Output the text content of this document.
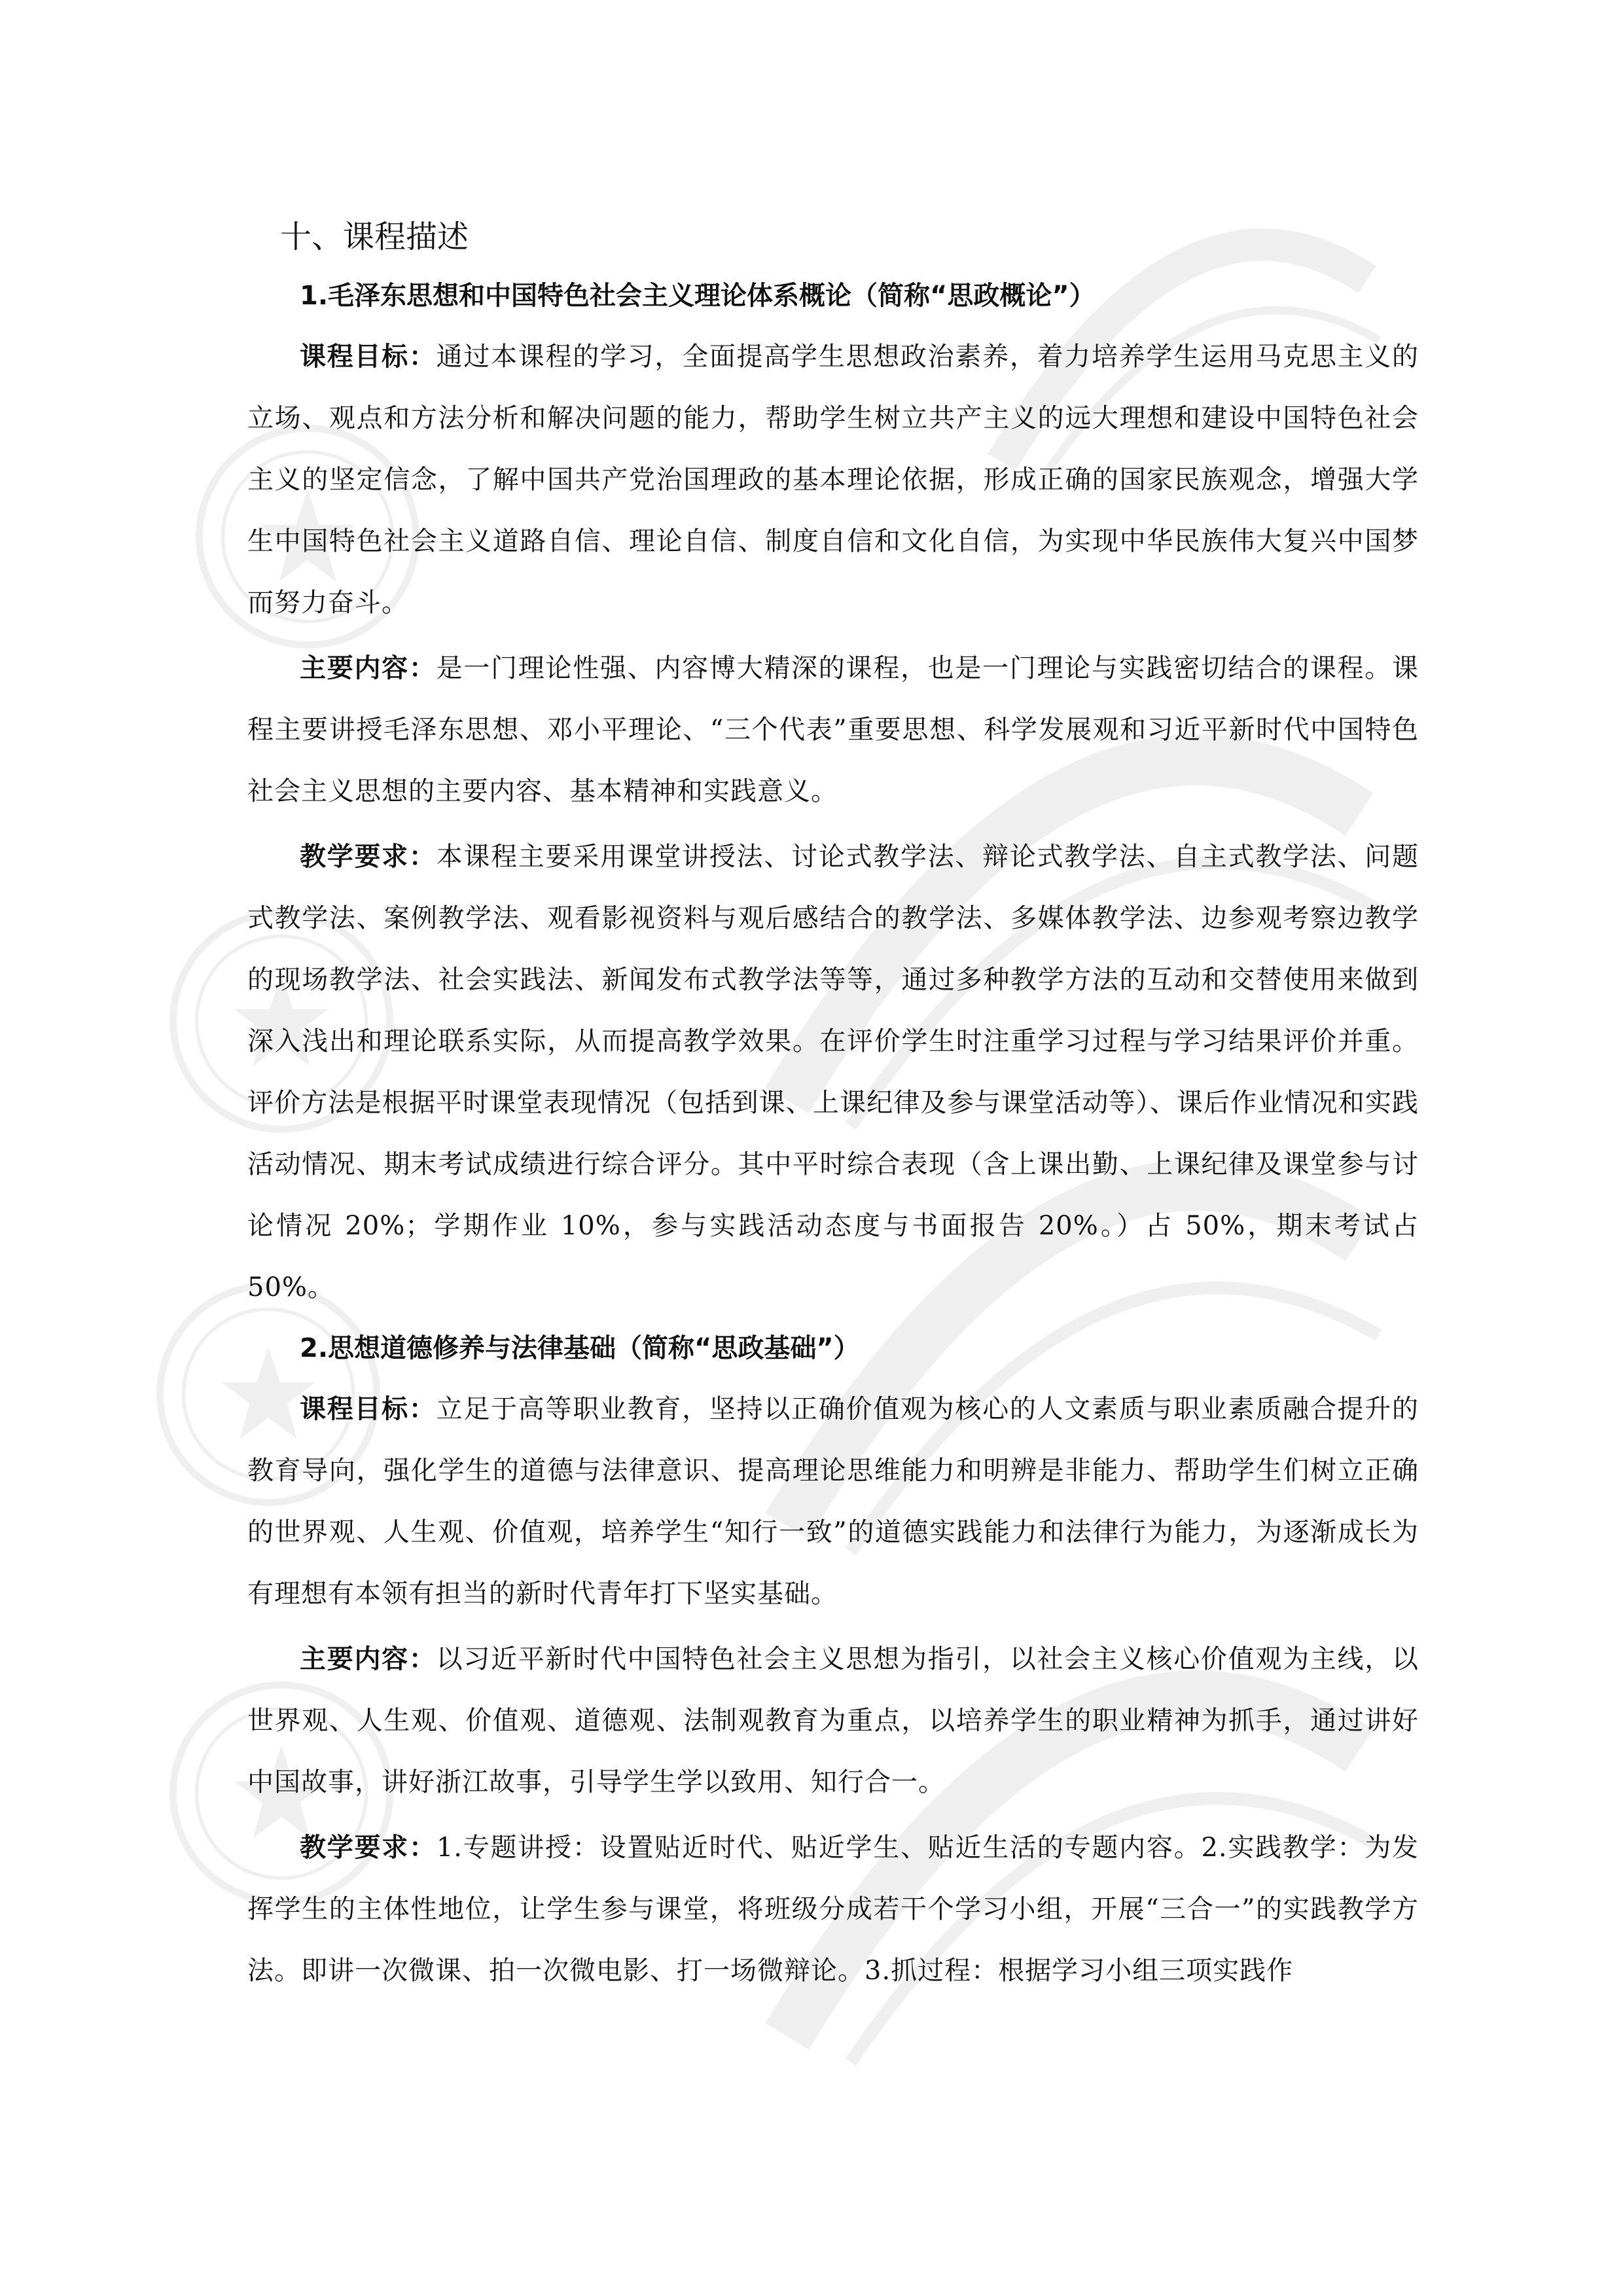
十、课程描述
1.毛泽东思想和中国特色社会主义理论体系概论（简称“思政概论”）

课程目标：通过本课程的学习，全面提高学生思想政治素养，着力培养学生运用马克思主义的立场、观点和方法分析和解决问题的能力，帮助学生树立共产主义的远大理想和建设中国特色社会主义的坚定信念，了解中国共产党治国理政的基本理论依据，形成正确的国家民族观念，增强大学生中国特色社会主义道路自信、理论自信、制度自信和文化自信，为实现中华民族伟大复兴中国梦而努力奋斗。

主要内容：是一门理论性强、内容博大精深的课程，也是一门理论与实践密切结合的课程。课程主要讲授毛泽东思想、邓小平理论、“三个代表”重要思想、科学发展观和习近平新时代中国特色社会主义思想的主要内容、基本精神和实践意义。

教学要求：本课程主要采用课堂讲授法、讨论式教学法、辩论式教学法、自主式教学法、问题式教学法、案例教学法、观看影视资料与观后感结合的教学法、多媒体教学法、边参观考察边教学的现场教学法、社会实践法、新闻发布式教学法等等，通过多种教学方法的互动和交替使用来做到深入浅出和理论联系实际，从而提高教学效果。在评价学生时注重学习过程与学习结果评价并重。评价方法是根据平时课堂表现情况（包括到课、上课纪律及参与课堂活动等）、课后作业情况和实践活动情况、期末考试成绩进行综合评分。其中平时综合表现（含上课出勤、上课纪律及课堂参与讨论情况 20%；学期作业 10%，参与实践活动态度与书面报告 20%。）占 50%，期末考试占 50%。

2.思想道德修养与法律基础（简称“思政基础”）

课程目标：立足于高等职业教育，坚持以正确价值观为核心的人文素质与职业素质融合提升的教育导向，强化学生的道德与法律意识、提高理论思维能力和明辨是非能力、帮助学生们树立正确的世界观、人生观、价值观，培养学生“知行一致”的道德实践能力和法律行为能力，为逐渐成长为有理想有本领有担当的新时代青年打下坚实基础。

主要内容：以习近平新时代中国特色社会主义思想为指引，以社会主义核心价值观为主线，以世界观、人生观、价值观、道德观、法制观教育为重点，以培养学生的职业精神为抓手，通过讲好中国故事，讲好浙江故事，引导学生学以致用、知行合一。

教学要求：1.专题讲授：设置贴近时代、贴近学生、贴近生活的专题内容。2.实践教学：为发挥学生的主体性地位，让学生参与课堂，将班级分成若干个学习小组，开展“三合一”的实践教学方法。即讲一次微课、拍一次微电影、打一场微辩论。3.抓过程：根据学习小组三项实践作
